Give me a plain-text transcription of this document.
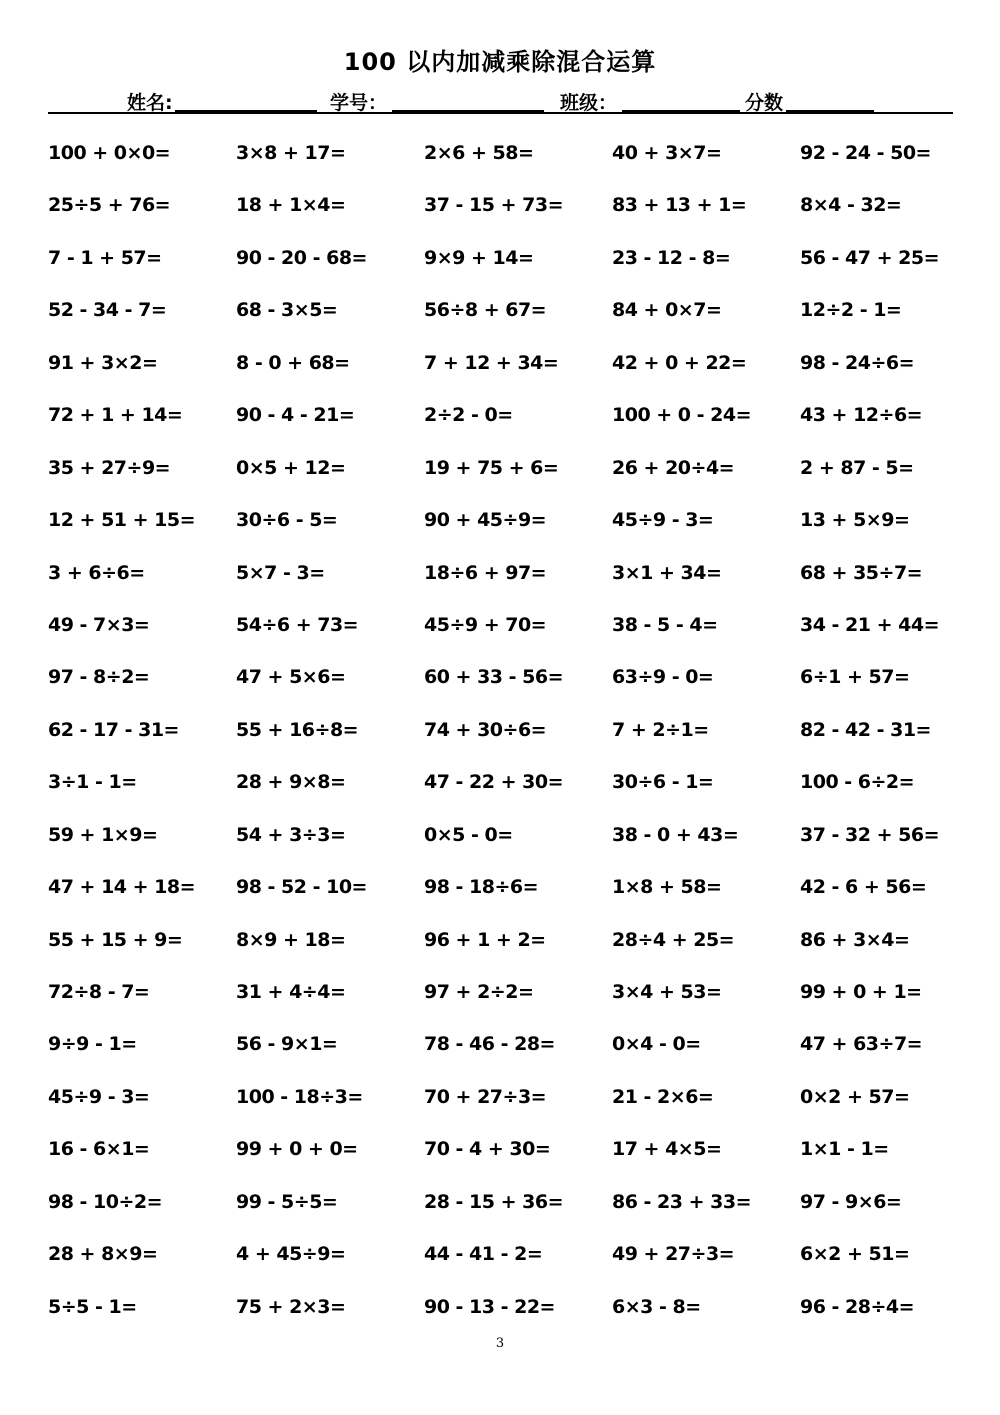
100 以内加减乘除混合运算
姓名:	学号：	班级：	分数
100 + 0×0=	3×8 + 17=	2×6 + 58=	40 + 3×7=	92 - 24 - 50=
25÷5 + 76=	18 + 1×4=	37 - 15 + 73=	83 + 13 + 1=	8×4 - 32=
7 - 1 + 57=	90 - 20 - 68=	9×9 + 14=	23 - 12 - 8=	56 - 47 + 25=
52 - 34 - 7=	68 - 3×5=	56÷8 + 67=	84 + 0×7=	12÷2 - 1=
91 + 3×2=	8 - 0 + 68=	7 + 12 + 34=	42 + 0 + 22=	98 - 24÷6=
72 + 1 + 14=	90 - 4 - 21=	2÷2 - 0=	100 + 0 - 24=	43 + 12÷6=
35 + 27÷9=	0×5 + 12=	19 + 75 + 6=	26 + 20÷4=	2 + 87 - 5=
12 + 51 + 15=	30÷6 - 5=	90 + 45÷9=	45÷9 - 3=	13 + 5×9=
3 + 6÷6=	5×7 - 3=	18÷6 + 97=	3×1 + 34=	68 + 35÷7=
49 - 7×3=	54÷6 + 73=	45÷9 + 70=	38 - 5 - 4=	34 - 21 + 44=
97 - 8÷2=	47 + 5×6=	60 + 33 - 56=	63÷9 - 0=	6÷1 + 57=
62 - 17 - 31=	55 + 16÷8=	74 + 30÷6=	7 + 2÷1=	82 - 42 - 31=
3÷1 - 1=	28 + 9×8=	47 - 22 + 30=	30÷6 - 1=	100 - 6÷2=
59 + 1×9=	54 + 3÷3=	0×5 - 0=	38 - 0 + 43=	37 - 32 + 56=
47 + 14 + 18=	98 - 52 - 10=	98 - 18÷6=	1×8 + 58=	42 - 6 + 56=
55 + 15 + 9=	8×9 + 18=	96 + 1 + 2=	28÷4 + 25=	86 + 3×4=
72÷8 - 7=	31 + 4÷4=	97 + 2÷2=	3×4 + 53=	99 + 0 + 1=
9÷9 - 1=	56 - 9×1=	78 - 46 - 28=	0×4 - 0=	47 + 63÷7=
45÷9 - 3=	100 - 18÷3=	70 + 27÷3=	21 - 2×6=	0×2 + 57=
16 - 6×1=	99 + 0 + 0=	70 - 4 + 30=	17 + 4×5=	1×1 - 1=
98 - 10÷2=	99 - 5÷5=	28 - 15 + 36=	86 - 23 + 33=	97 - 9×6=
28 + 8×9=	4 + 45÷9=	44 - 41 - 2=	49 + 27÷3=	6×2 + 51=
5÷5 - 1=	75 + 2×3=	90 - 13 - 22=	6×3 - 8=	96 - 28÷4=
3
